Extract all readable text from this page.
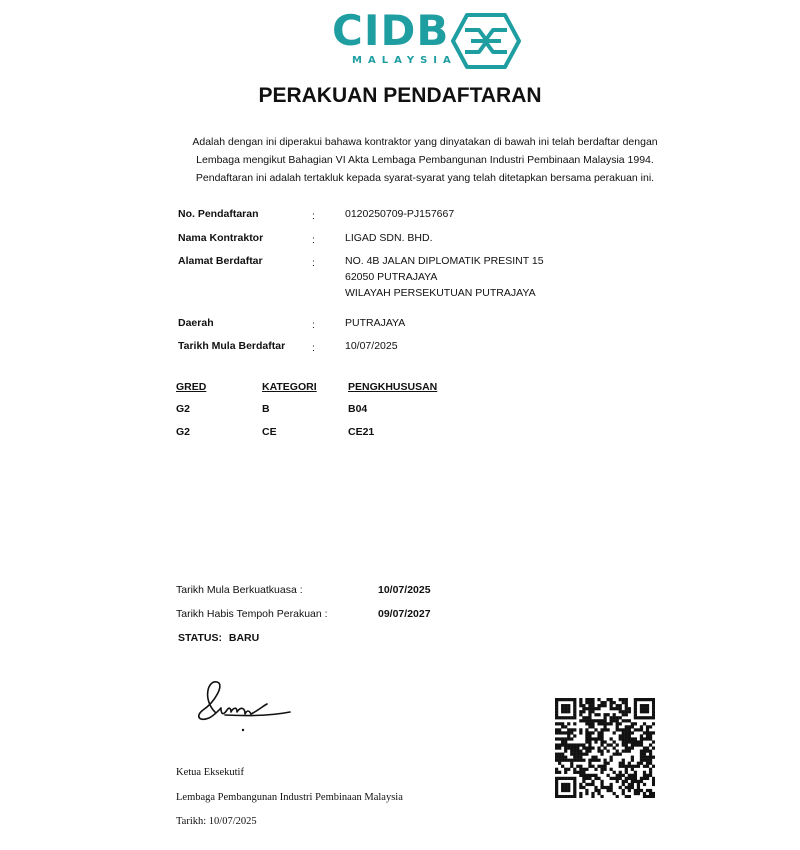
CIDB
MALAYSIA
PERAKUAN PENDAFTARAN
Adalah dengan ini diperakui bahawa kontraktor yang dinyatakan di bawah ini telah berdaftar dengan
Lembaga mengikut Bahagian VI Akta Lembaga Pembangunan Industri Pembinaan Malaysia 1994.
Pendaftaran ini adalah tertakluk kepada syarat-syarat yang telah ditetapkan bersama perakuan ini.
No. Pendaftaran	:	0120250709-PJ157667
Nama Kontraktor	:	LIGAD SDN. BHD.
Alamat Berdaftar	:	NO. 4B JALAN DIPLOMATIK PRESINT 15
62050 PUTRAJAYA
WILAYAH PERSEKUTUAN PUTRAJAYA
Daerah	:	PUTRAJAYA
Tarikh Mula Berdaftar	:	10/07/2025
GRED	KATEGORI	PENGKHUSUSAN
G2	B	B04
G2	CE	CE21
Tarikh Mula Berkuatkuasa :	10/07/2025
Tarikh Habis Tempoh Perakuan :	09/07/2027
STATUS: BARU
Ketua Eksekutif
Lembaga Pembangunan Industri Pembinaan Malaysia
Tarikh: 10/07/2025
